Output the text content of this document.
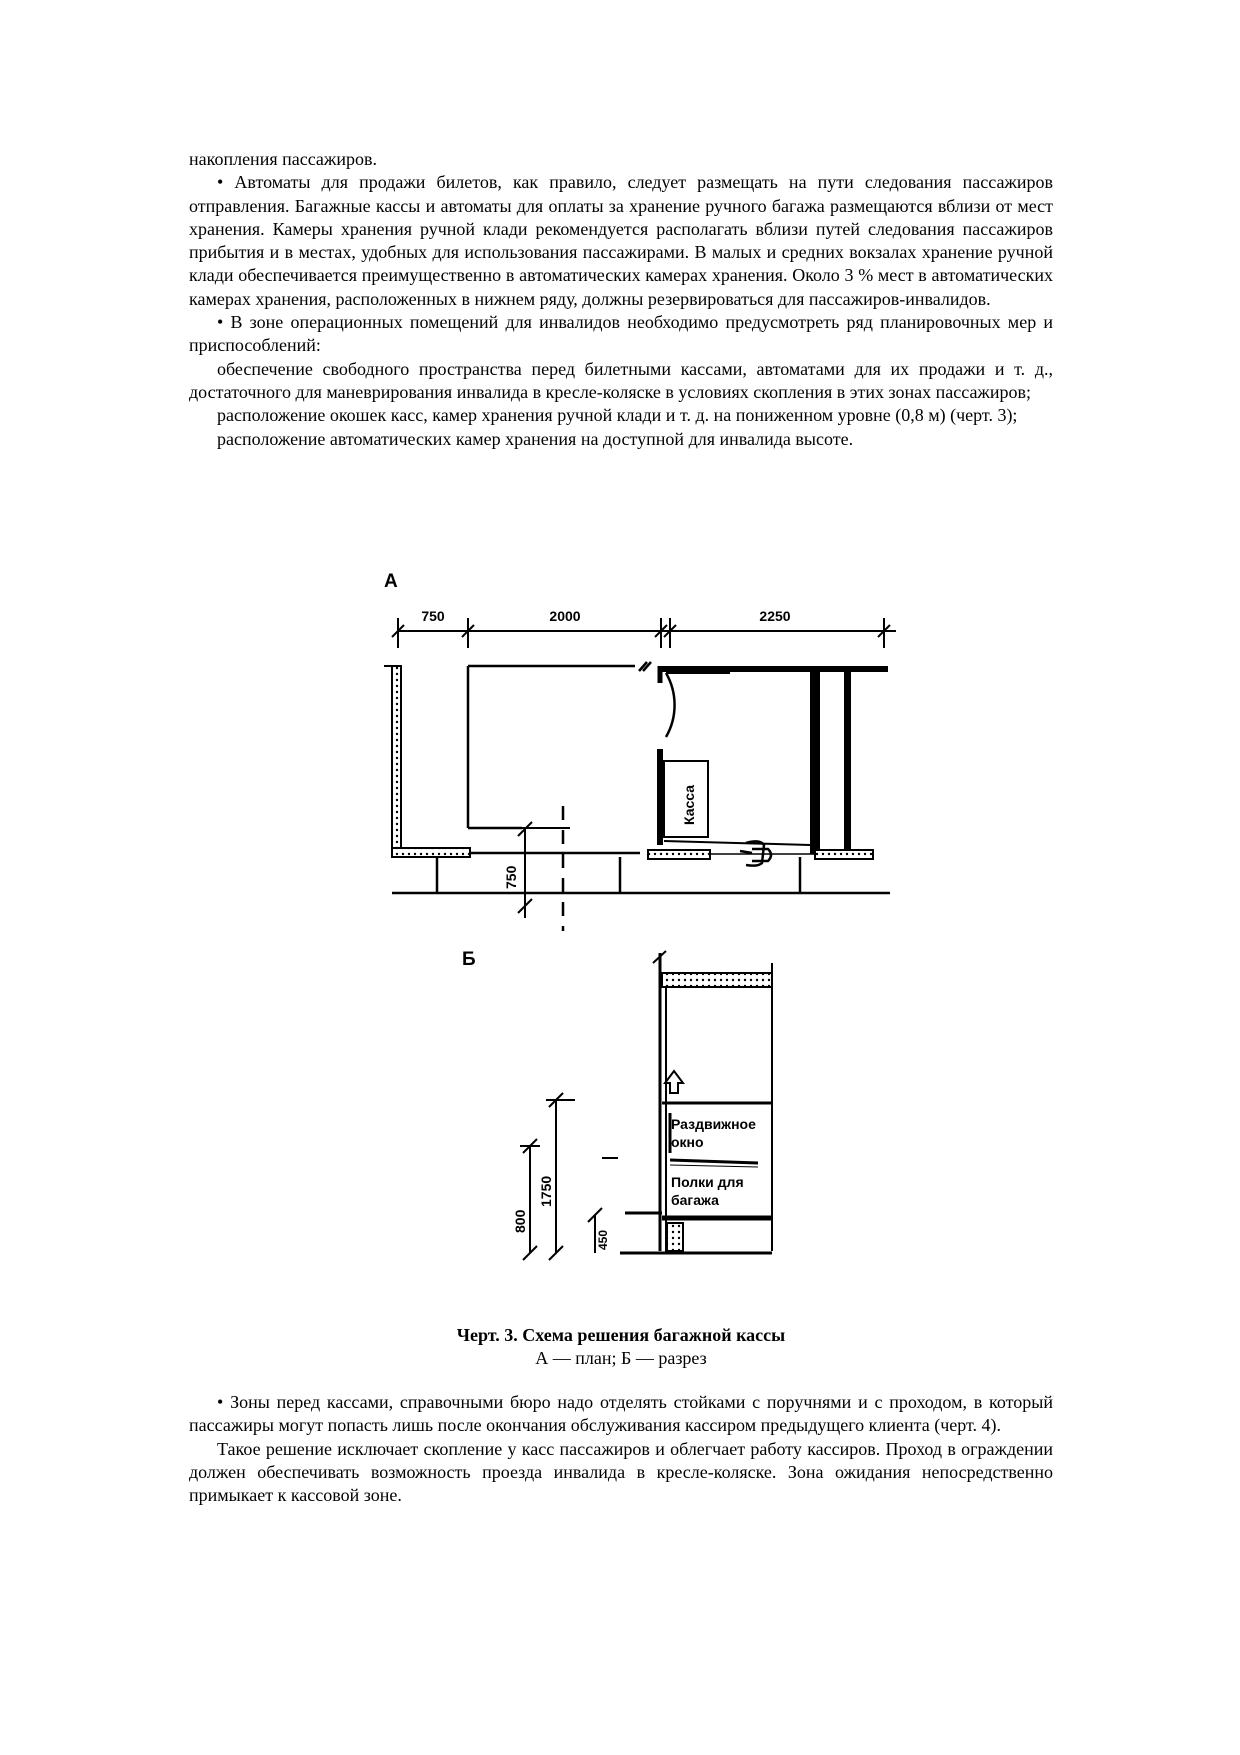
накопления пассажиров.

• Автоматы для продажи билетов, как правило, следует размещать на пути следования пассажиров отправления. Багажные кассы и автоматы для оплаты за хранение ручного багажа размещаются вблизи от мест хранения. Камеры хранения ручной клади рекомендуется располагать вблизи путей следования пассажиров прибытия и в местах, удобных для использования пассажирами. В малых и средних вокзалах хранение ручной клади обеспечивается преимущественно в автоматических камерах хранения. Около 3 % мест в автоматических камерах хранения, расположенных в нижнем ряду, должны резервироваться для пассажиров-инвалидов.

• В зоне операционных помещений для инвалидов необходимо предусмотреть ряд планировочных мер и приспособлений:

обеспечение свободного пространства перед билетными кассами, автоматами для их продажи и т. д., достаточного для маневрирования инвалида в кресле-коляске в условиях скопления в этих зонах пассажиров;

расположение окошек касс, камер хранения ручной клади и т. д. на пониженном уровне (0,8 м) (черт. 3);

расположение автоматических камер хранения на доступной для инвалида высоте.

А
750	2000	2250
Касса
750
Б
Раздвижное
окно
Полки для
багажа
800
1750
450
Черт. 3. Схема решения багажной кассы
А — план; Б — разрез

• Зоны перед кассами, справочными бюро надо отделять стойками с поручнями и с проходом, в который пассажиры могут попасть лишь после окончания обслуживания кассиром предыдущего клиента (черт. 4).

Такое решение исключает скопление у касс пассажиров и облегчает работу кассиров. Проход в ограждении должен обеспечивать возможность проезда инвалида в кресле-коляске. Зона ожидания непосредственно примыкает к кассовой зоне.
